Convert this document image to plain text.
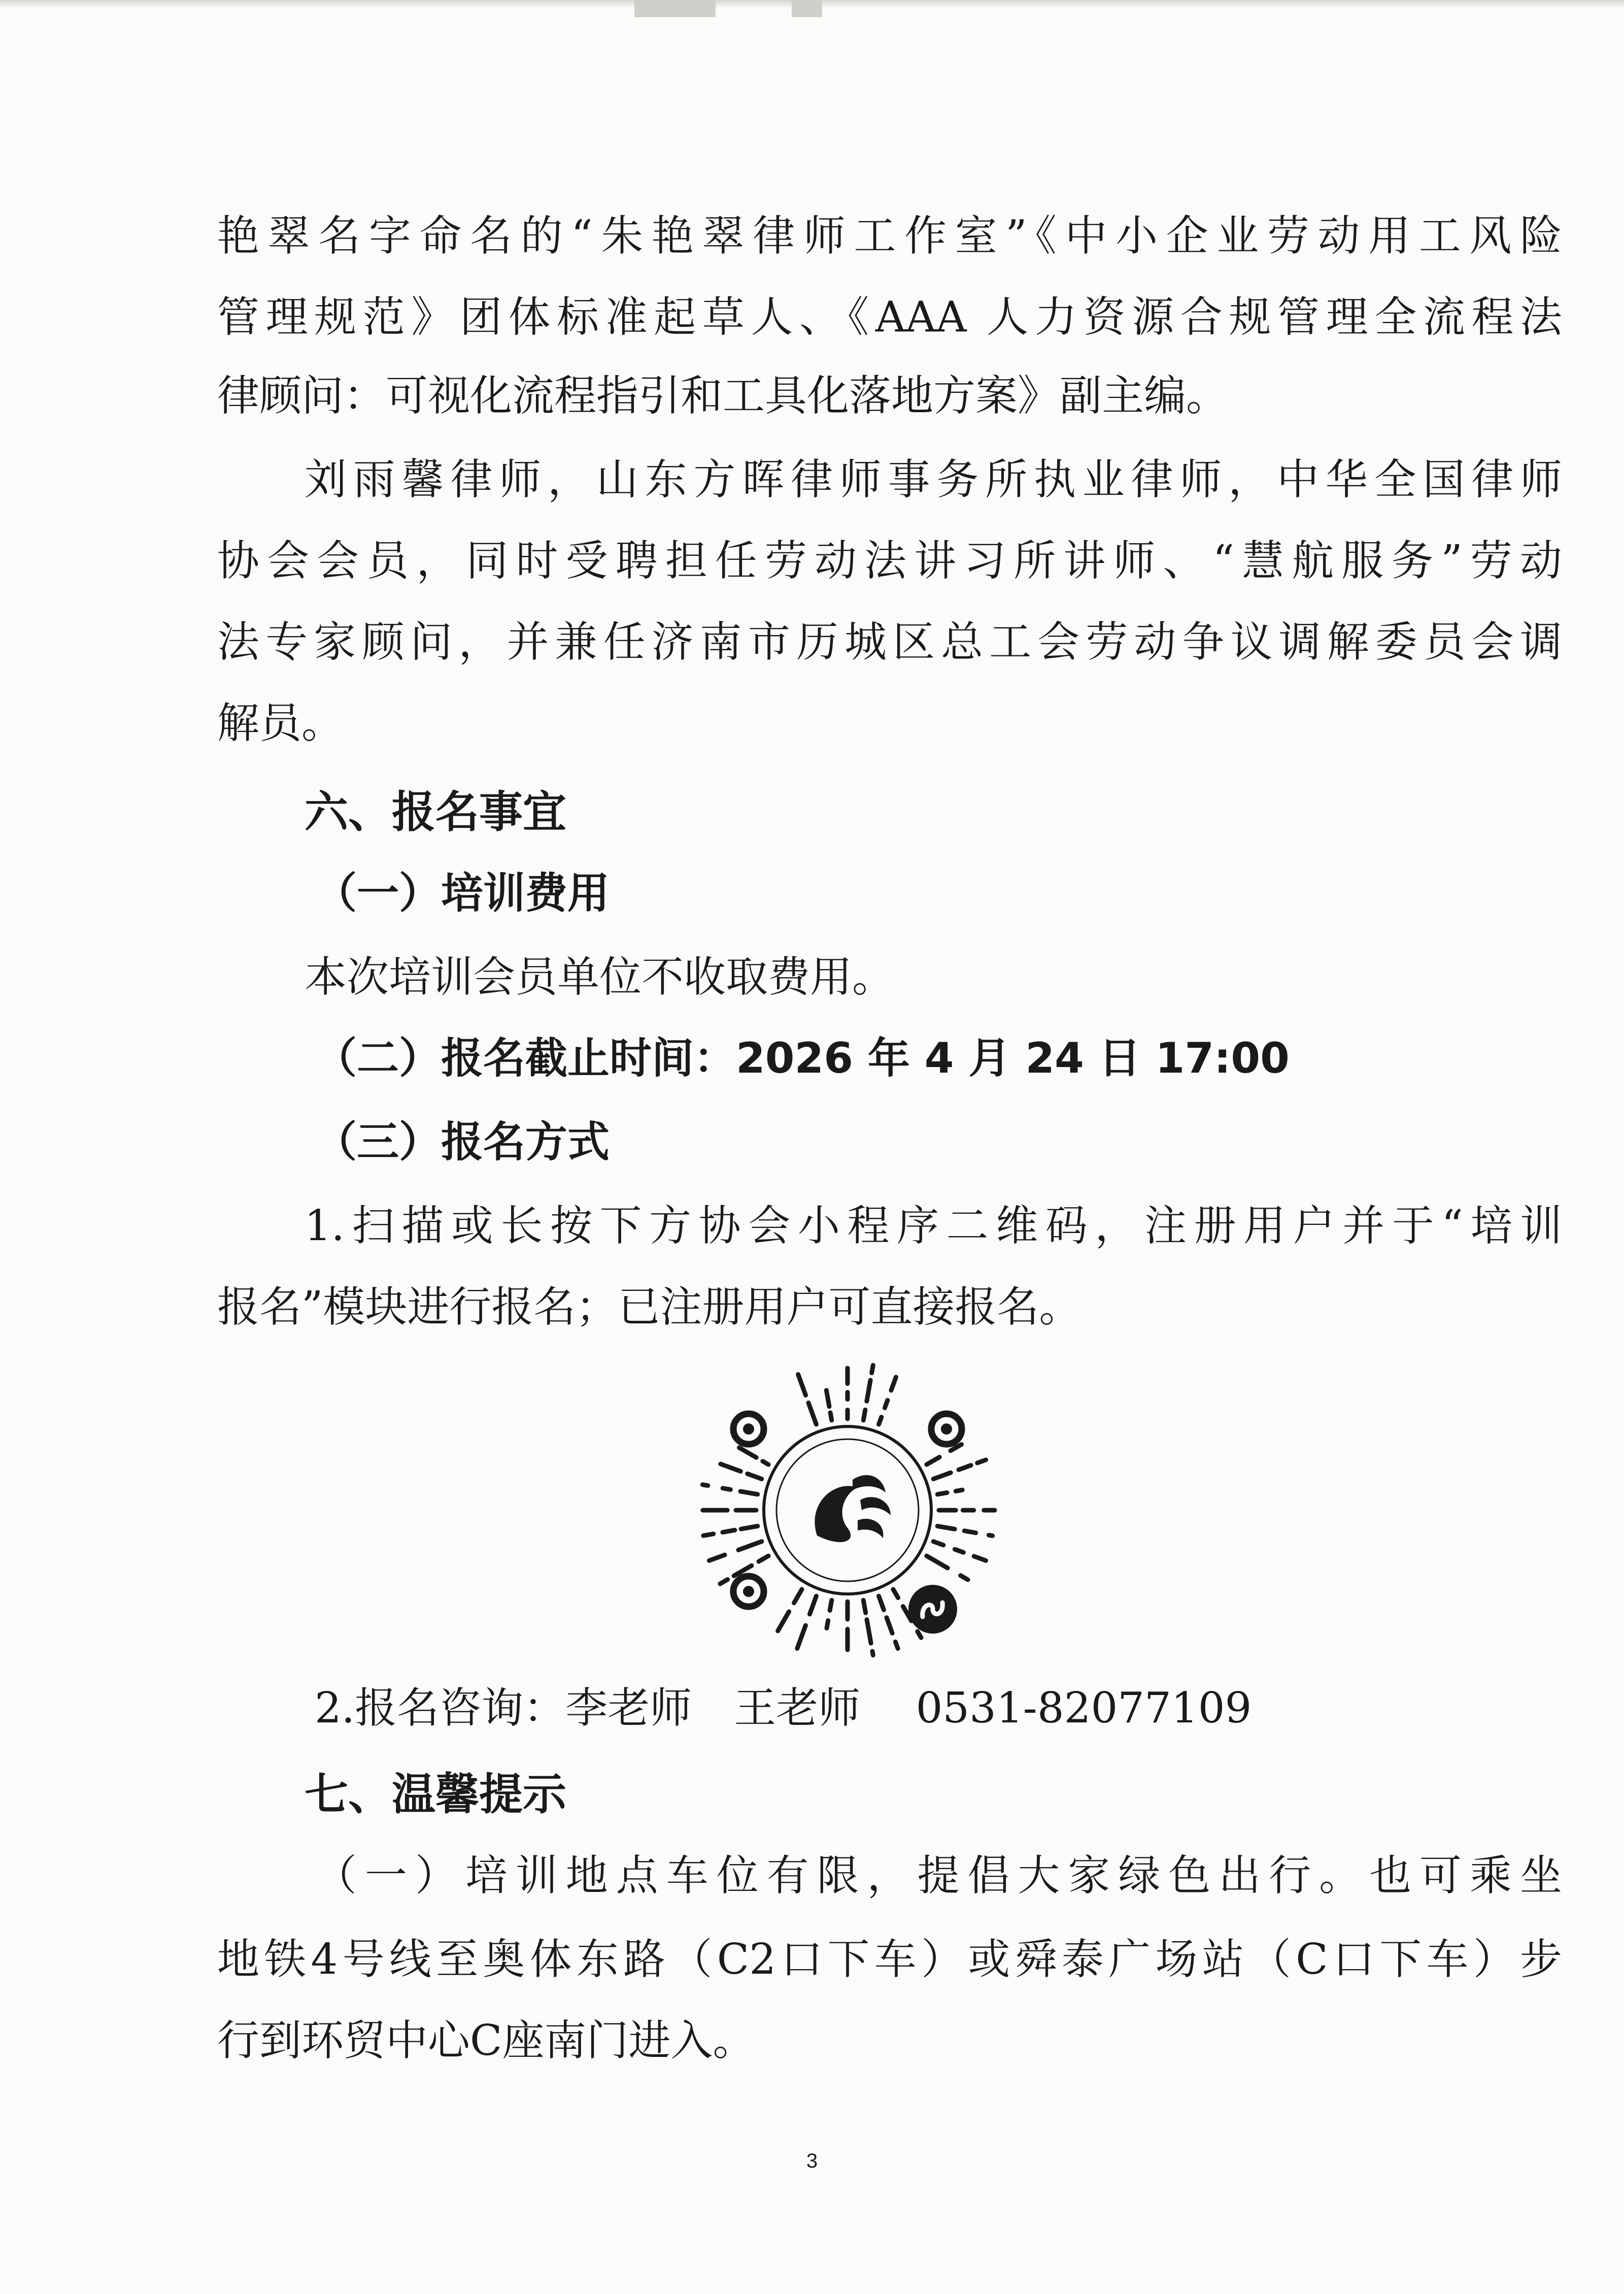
艳翠名字命名的“朱艳翠律师工作室”《中小企业劳动用工风险

管理规范》团体标准起草人、《AAA 人力资源合规管理全流程法

律顾问：可视化流程指引和工具化落地方案》副主编。

刘雨馨律师，山东方晖律师事务所执业律师，中华全国律师

协会会员，同时受聘担任劳动法讲习所讲师、“慧航服务”劳动

法专家顾问，并兼任济南市历城区总工会劳动争议调解委员会调

解员。

六、报名事宜

（一）培训费用

本次培训会员单位不收取费用。

（二）报名截止时间：2026 年 4 月 24 日 17:00

（三）报名方式

1.扫描或长按下方协会小程序二维码，注册用户并于“培训

报名”模块进行报名；已注册用户可直接报名。

2.报名咨询：李老师　王老师　 0531-82077109

七、温馨提示

（一）培训地点车位有限，提倡大家绿色出行。也可乘坐

地铁4号线至奥体东路（C2口下车）或舜泰广场站（C口下车）步

行到环贸中心C座南门进入。

3
